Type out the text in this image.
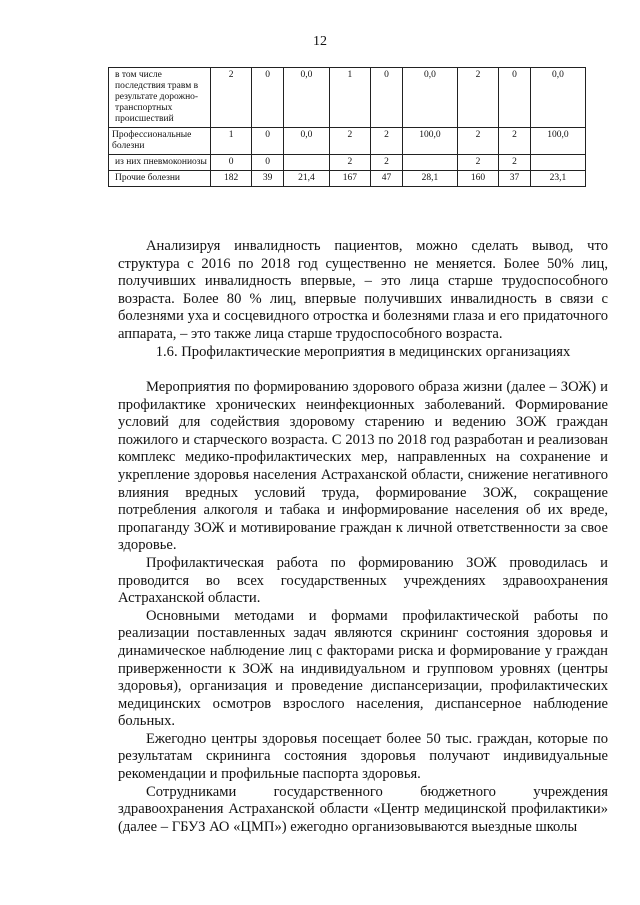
12
в том числе последствия травм в результате дорожно-транспортных происшествий	2	0	0,0	1	0	0,0	2	0	0,0
Профессиональные болезни	1	0	0,0	2	2	100,0	2	2	100,0
из них пневмокониозы	0	0		2	2		2	2	
Прочие болезни	182	39	21,4	167	47	28,1	160	37	23,1

Анализируя инвалидность пациентов, можно сделать вывод, что структура с 2016 по 2018 год существенно не меняется. Более 50% лиц, получивших инвалидность впервые, – это лица старше трудоспособного возраста. Более 80 % лиц, впервые получивших инвалидность в связи с болезнями уха и сосцевидного отростка и болезнями глаза и его придаточного аппарата, – это также лица старше трудоспособного возраста.

1.6. Профилактические мероприятия в медицинских организациях

Мероприятия по формированию здорового образа жизни (далее – ЗОЖ) и профилактике хронических неинфекционных заболеваний. Формирование условий для содействия здоровому старению и ведению ЗОЖ граждан пожилого и старческого возраста. С 2013 по 2018 год разработан и реализован комплекс медико-профилактических мер, направленных на сохранение и укрепление здоровья населения Астраханской области, снижение негативного влияния вредных условий труда, формирование ЗОЖ, сокращение потребления алкоголя и табака и информирование населения об их вреде, пропаганду ЗОЖ и мотивирование граждан к личной ответственности за свое здоровье.

Профилактическая работа по формированию ЗОЖ проводилась и проводится во всех государственных учреждениях здравоохранения Астраханской области.

Основными методами и формами профилактической работы по реализации поставленных задач являются скрининг состояния здоровья и динамическое наблюдение лиц с факторами риска и формирование у граждан приверженности к ЗОЖ на индивидуальном и групповом уровнях (центры здоровья), организация и проведение диспансеризации, профилактических медицинских осмотров взрослого населения, диспансерное наблюдение больных.

Ежегодно центры здоровья посещает более 50 тыс. граждан, которые по результатам скрининга состояния здоровья получают индивидуальные рекомендации и профильные паспорта здоровья.

Сотрудниками государственного бюджетного учреждения здравоохранения Астраханской области «Центр медицинской профилактики» (далее – ГБУЗ АО «ЦМП») ежегодно организовываются выездные школы
